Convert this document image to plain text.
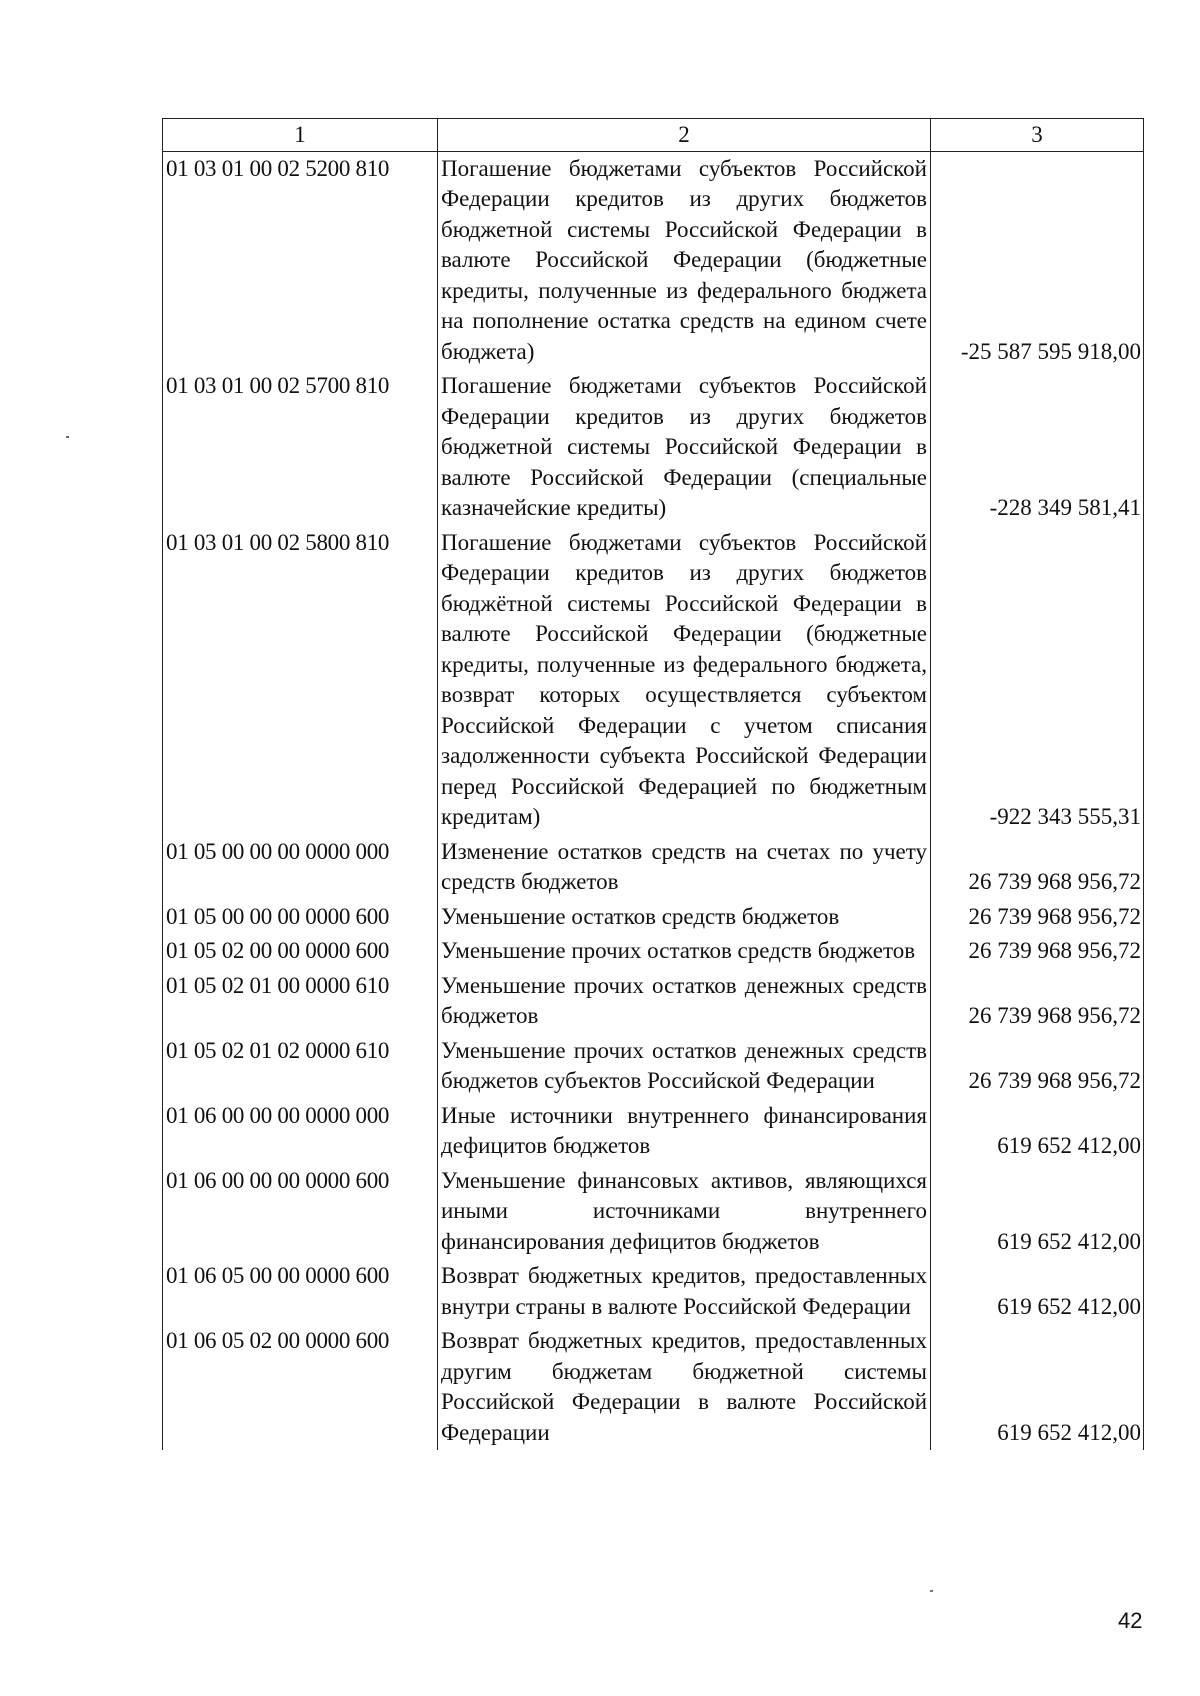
1	2	3
01 03 01 00 02 5200 810	Погашение бюджетами субъектов Российской Федерации кредитов из других бюджетов бюджетной системы Российской Федерации в валюте Российской Федерации (бюджетные кредиты, полученные из федерального бюджета на пополнение остатка средств на едином счете бюджета)	-25 587 595 918,00
01 03 01 00 02 5700 810	Погашение бюджетами субъектов Российской Федерации кредитов из других бюджетов бюджетной системы Российской Федерации в валюте Российской Федерации (специальные казначейские кредиты)	-228 349 581,41
01 03 01 00 02 5800 810	Погашение бюджетами субъектов Российской Федерации кредитов из других бюджетов бюджётной системы Российской Федерации в валюте Российской Федерации (бюджетные кредиты, полученные из федерального бюджета, возврат которых осуществляется субъектом Российской Федерации с учетом списания задолженности субъекта Российской Федерации перед Российской Федерацией по бюджетным кредитам)	-922 343 555,31
01 05 00 00 00 0000 000	Изменение остатков средств на счетах по учету средств бюджетов	26 739 968 956,72
01 05 00 00 00 0000 600	Уменьшение остатков средств бюджетов	26 739 968 956,72
01 05 02 00 00 0000 600	Уменьшение прочих остатков средств бюджетов	26 739 968 956,72
01 05 02 01 00 0000 610	Уменьшение прочих остатков денежных средств бюджетов	26 739 968 956,72
01 05 02 01 02 0000 610	Уменьшение прочих остатков денежных средств бюджетов субъектов Российской Федерации	26 739 968 956,72
01 06 00 00 00 0000 000	Иные источники внутреннего финансирования дефицитов бюджетов	619 652 412,00
01 06 00 00 00 0000 600	Уменьшение финансовых активов, являющихся иными источниками внутреннего финансирования дефицитов бюджетов	619 652 412,00
01 06 05 00 00 0000 600	Возврат бюджетных кредитов, предоставленных внутри страны в валюте Российской Федерации	619 652 412,00
01 06 05 02 00 0000 600	Возврат бюджетных кредитов, предоставленных другим бюджетам бюджетной системы Российской Федерации в валюте Российской Федерации	619 652 412,00
42
